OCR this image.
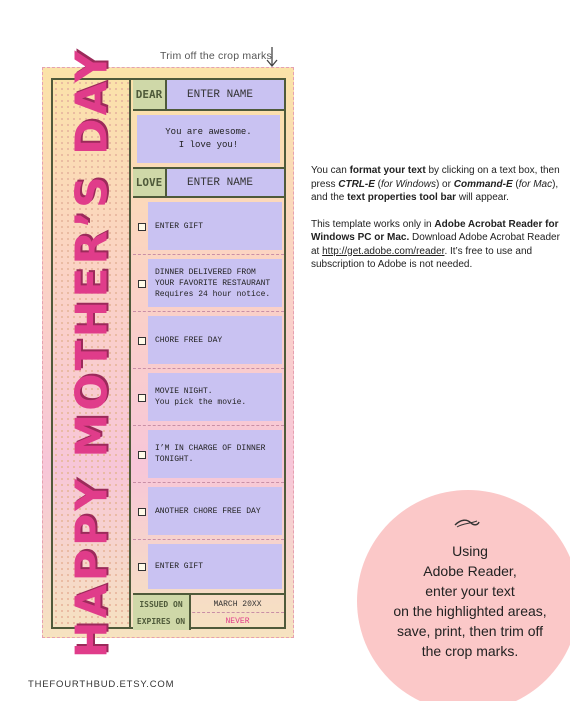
Trim off the crop marks
HAPPY MOTHER’S DAY DEAR	ENTER NAME
You are awesome.
I love you!
LOVE	ENTER NAME
ENTER GIFT
DINNER DELIVERED FROM
YOUR FAVORITE RESTAURANT
Requires 24 hour notice.
CHORE FREE DAY
MOVIE NIGHT.
You pick the movie.
I’M IN CHARGE OF DINNER
TONIGHT.
ANOTHER CHORE FREE DAY
ENTER GIFT
ISSUED ON	MARCH 20XX
EXPIRES ON	NEVER

You can format your text by clicking on a text box, then press CTRL-E (for Windows) or Command-E (for Mac), and the text properties tool bar will appear.

This template works only in Adobe Acrobat Reader for Windows PC or Mac. Download Adobe Acrobat Reader at http://get.adobe.com/reader. It’s free to use and subscription to Adobe is not needed.

Using
Adobe Reader,
enter your text
on the highlighted areas,
save, print, then trim off
the crop marks.
THEFOURTHBUD.ETSY.COM
